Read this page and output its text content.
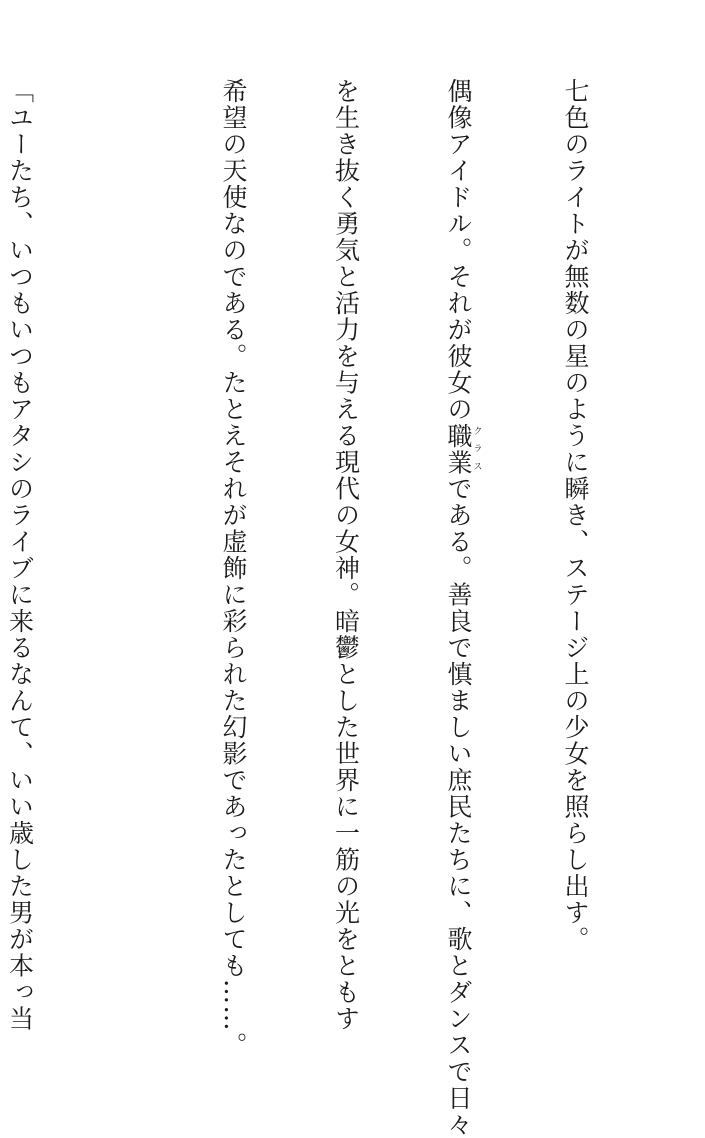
七色のライトが無数の星のように瞬き、ステージ上の少女を照らし出す。

偶像アイドル。それが彼女の職業クラスである。善良で慎ましい庶民たちに、歌とダンスで日々

を生き抜く勇気と活力を与える現代の女神。暗鬱とした世界に一筋の光をともす

希望の天使なのである。たとえそれが虚飾に彩られた幻影であったとしても……。

「ユーたち、いつもいつもアタシのライブに来るなんて、いい歳した男が本っ当
